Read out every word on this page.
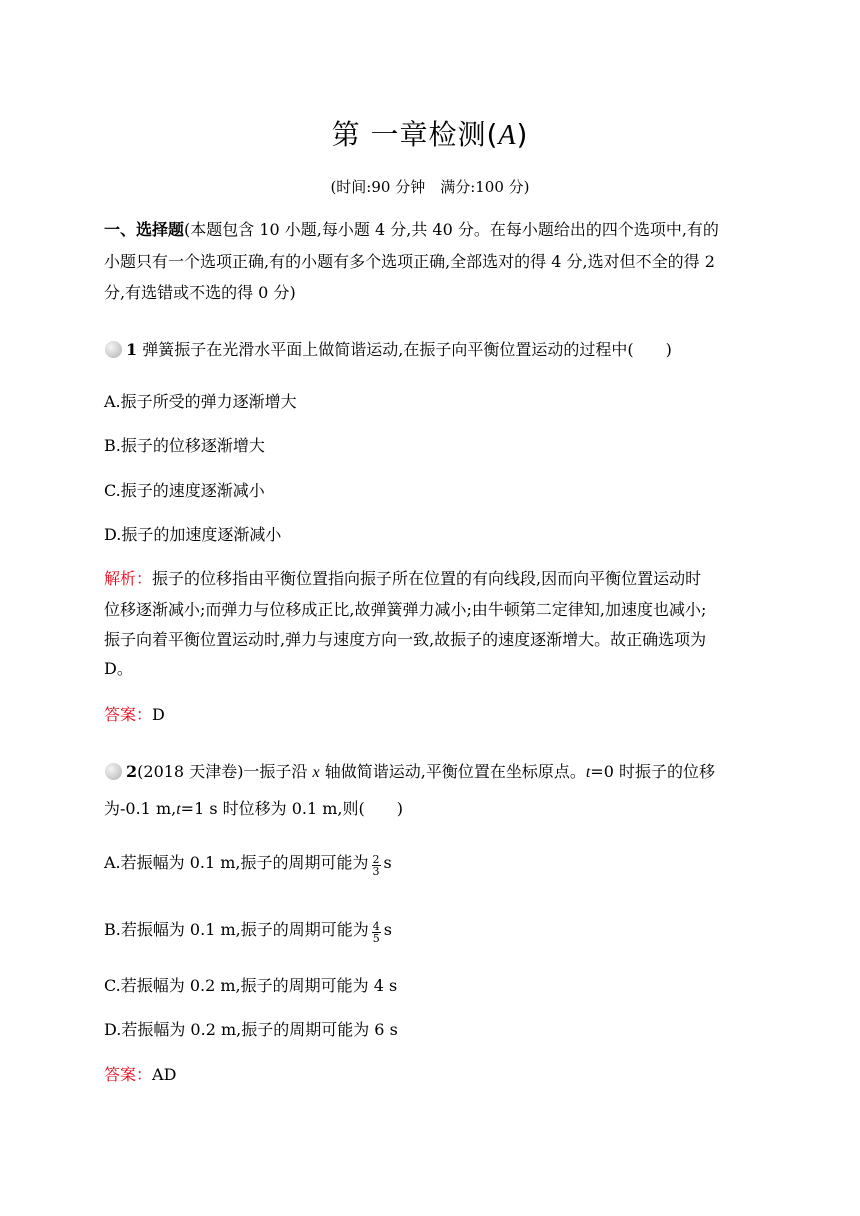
第 一章检测(A)
(时间:90 分钟　满分:100 分)
一、选择题(本题包含 10 小题,每小题 4 分,共 40 分。在每小题给出的四个选项中,有的
小题只有一个选项正确,有的小题有多个选项正确,全部选对的得 4 分,选对但不全的得 2
分,有选错或不选的得 0 分)
1 弹簧振子在光滑水平面上做简谐运动,在振子向平衡位置运动的过程中(　　)
A.振子所受的弹力逐渐增大
B.振子的位移逐渐增大
C.振子的速度逐渐减小
D.振子的加速度逐渐减小
解析：振子的位移指由平衡位置指向振子所在位置的有向线段,因而向平衡位置运动时
位移逐渐减小;而弹力与位移成正比,故弹簧弹力减小;由牛顿第二定律知,加速度也减小;
振子向着平衡位置运动时,弹力与速度方向一致,故振子的速度逐渐增大。故正确选项为
D。
答案：D
2(2018 天津卷)一振子沿 x 轴做简谐运动,平衡位置在坐标原点。t=0 时振子的位移
为-0.1 m,t=1 s 时位移为 0.1 m,则(　　)
A.若振幅为 0.1 m,振子的周期可能为 $\frac{2}{3}$ s
B.若振幅为 0.1 m,振子的周期可能为 $\frac{4}{5}$ s
C.若振幅为 0.2 m,振子的周期可能为 4 s
D.若振幅为 0.2 m,振子的周期可能为 6 s
答案：AD
